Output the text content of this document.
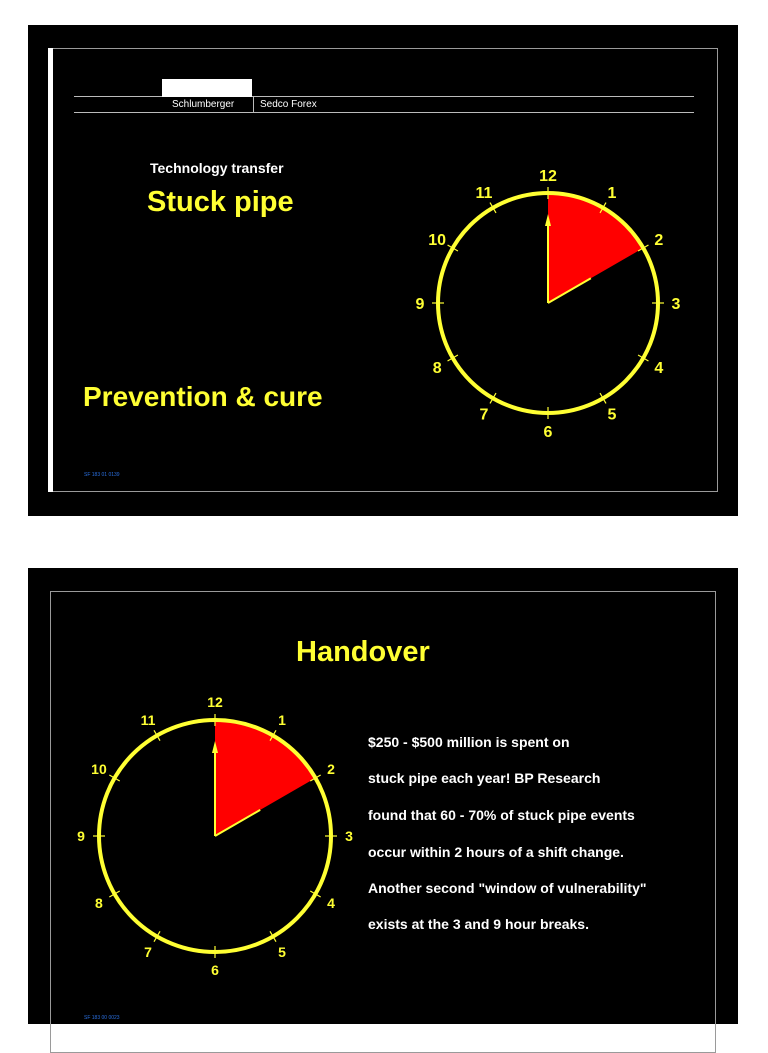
Schlumberger	Sedco Forex
Technology transfer
Stuck pipe
Prevention & cure
SF 183 01 0139
12
1
2
3
4
5
6
7
8
9
10
11
Handover
$250 - $500 million is spent on
stuck pipe each year! BP Research
found that 60 - 70% of stuck pipe events
occur within 2 hours of a shift change.
Another second "window of vulnerability"
exists at the 3 and 9 hour breaks.
SF 183 00 0023
12
1
2
3
4
5
6
7
8
9
10
11
